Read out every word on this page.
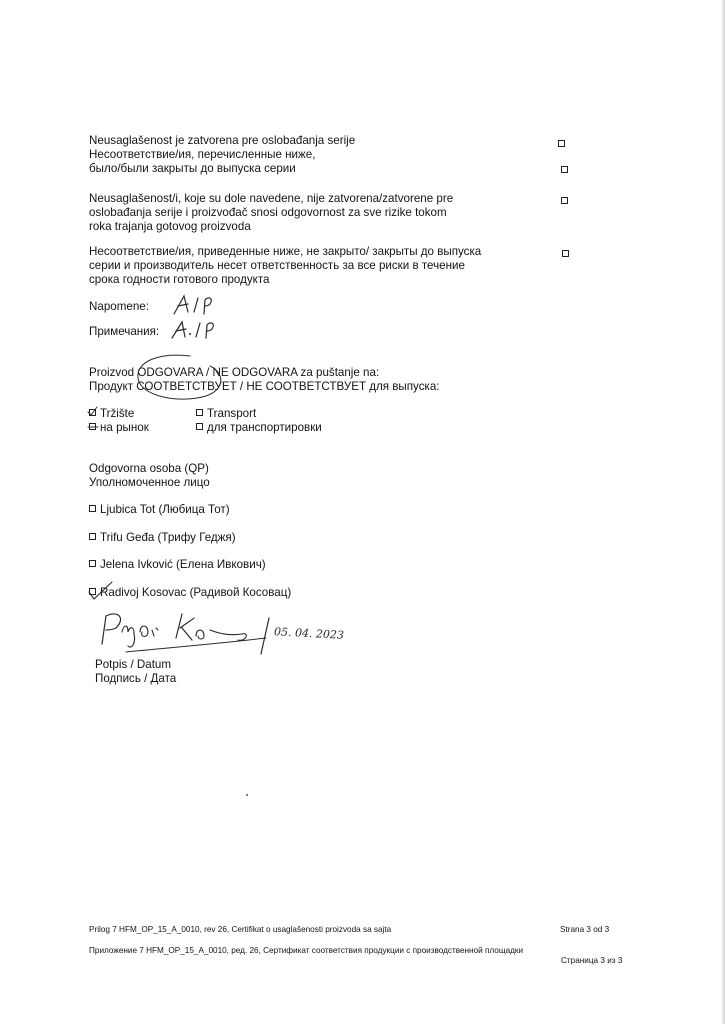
Neusaglašenost je zatvorena pre oslobađanja serije
Несоответствие/ия, перечисленные ниже,
было/были закрыты до выпуска серии
Neusaglašenost/i, koje su dole navedene, nije zatvorena/zatvorene pre
oslobađanja serije i proizvođač snosi odgovornost za sve rizike tokom
roka trajanja gotovog proizvoda
Несоответствие/ия, приведенные ниже, не закрыто/ закрыты до выпуска
серии и производитель несет ответственность за все риски в течение
срока годности готового продукта
Napomene:
Примечания:
Proizvod ODGOVARA / NE ODGOVARA za puštanje na:
Продукт СООТВЕТСТВУЕТ / НЕ СООТВЕТСТВУЕТ для выпуска:
Tržište
на рынок
Transport
для транспортировки
Odgovorna osoba (QP)
Уполномоченное лицо
Ljubica Tot (Любица Тот)
Trifu Geđa (Трифу Геджя)
Jelena Ivković (Елена Ивкович)
Radivoj Kosovac (Радивой Косовац)
05. 04. 2023
Potpis / Datum
Подпись / Дата
Prilog 7 HFM_OP_15_A_0010, rev 26, Certifikat o usaglašenosti proizvoda sa sajta	Strana 3 od 3
Приложение 7 HFM_OP_15_A_0010, ред. 26, Сертификат соответствия продукции с производственной площадки
Страница 3 из 3
